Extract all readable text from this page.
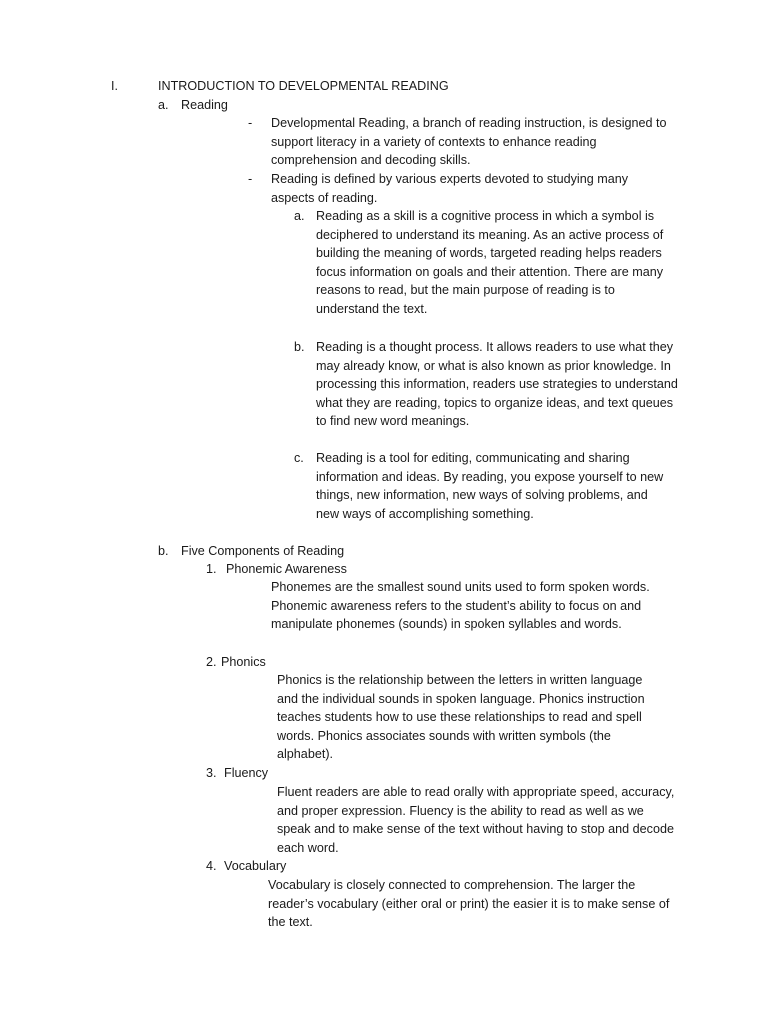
I.	INTRODUCTION TO DEVELOPMENTAL READING
a. Reading
- Developmental Reading, a branch of reading instruction, is designed to support literacy in a variety of contexts to enhance reading comprehension and decoding skills.
- Reading is defined by various experts devoted to studying many aspects of reading.
a. Reading as a skill is a cognitive process in which a symbol is deciphered to understand its meaning. As an active process of building the meaning of words, targeted reading helps readers focus information on goals and their attention. There are many reasons to read, but the main purpose of reading is to understand the text.
b. Reading is a thought process. It allows readers to use what they may already know, or what is also known as prior knowledge. In processing this information, readers use strategies to understand what they are reading, topics to organize ideas, and text queues to find new word meanings.
c. Reading is a tool for editing, communicating and sharing information and ideas. By reading, you expose yourself to new things, new information, new ways of solving problems, and new ways of accomplishing something.
b. Five Components of Reading
1. Phonemic Awareness
Phonemes are the smallest sound units used to form spoken words. Phonemic awareness refers to the student’s ability to focus on and manipulate phonemes (sounds) in spoken syllables and words.
2. Phonics
Phonics is the relationship between the letters in written language and the individual sounds in spoken language. Phonics instruction teaches students how to use these relationships to read and spell words. Phonics associates sounds with written symbols (the alphabet).
3. Fluency
Fluent readers are able to read orally with appropriate speed, accuracy, and proper expression. Fluency is the ability to read as well as we speak and to make sense of the text without having to stop and decode each word.
4. Vocabulary
Vocabulary is closely connected to comprehension. The larger the reader’s vocabulary (either oral or print) the easier it is to make sense of the text.
